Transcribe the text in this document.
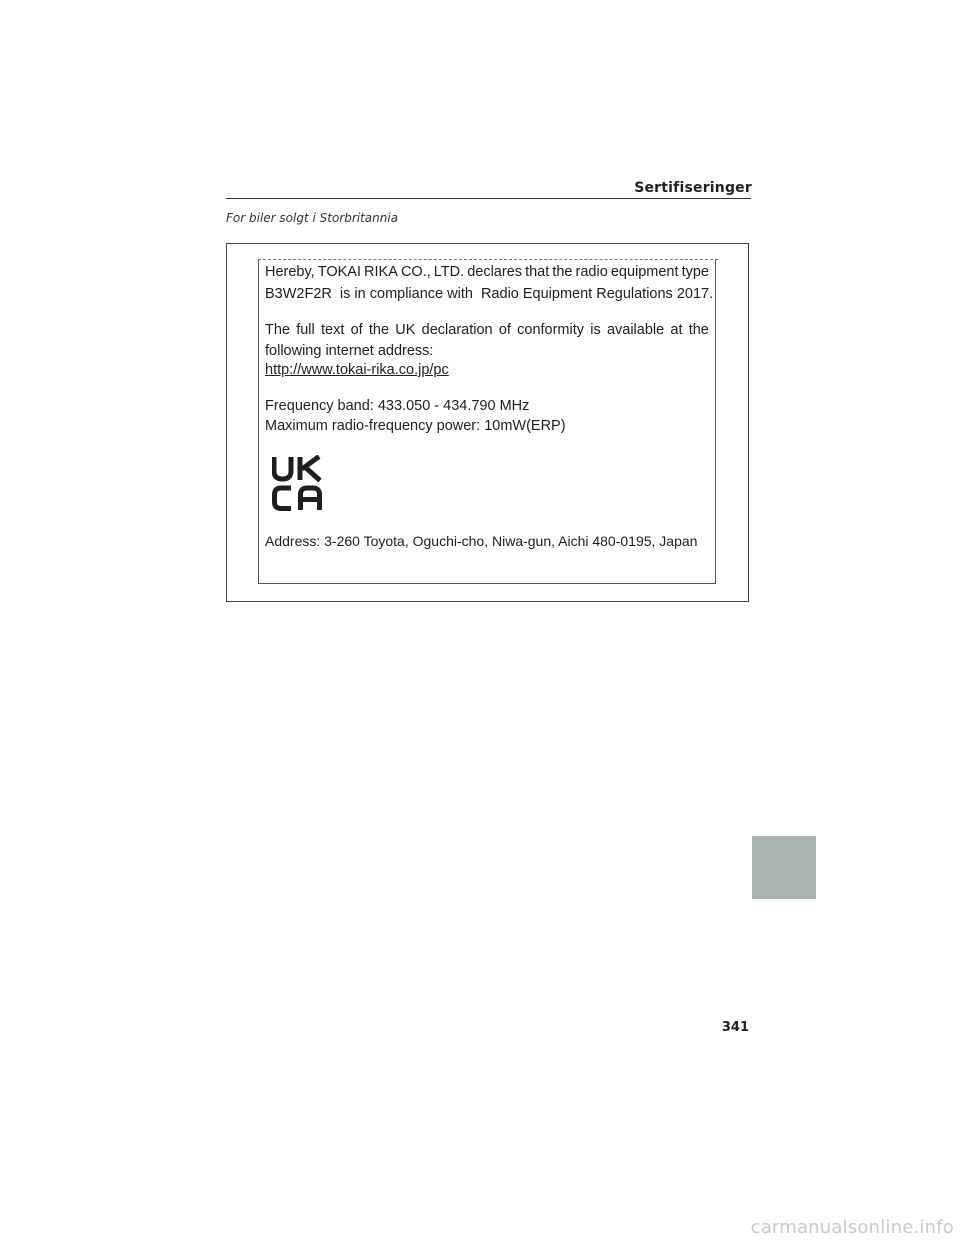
Sertifiseringer
For biler solgt i Storbritannia
Hereby, TOKAI RIKA CO., LTD. declares that the radio equipment type
B3W2F2R  is in compliance with  Radio Equipment Regulations 2017.
The full text of the UK declaration of conformity is available at the
following internet address:
http://www.tokai-rika.co.jp/pc
Frequency band: 433.050 - 434.790 MHz
Maximum radio-frequency power: 10mW(ERP)
Address: 3-260 Toyota, Oguchi-cho, Niwa-gun, Aichi 480-0195, Japan
341
carmanualsonline.info
